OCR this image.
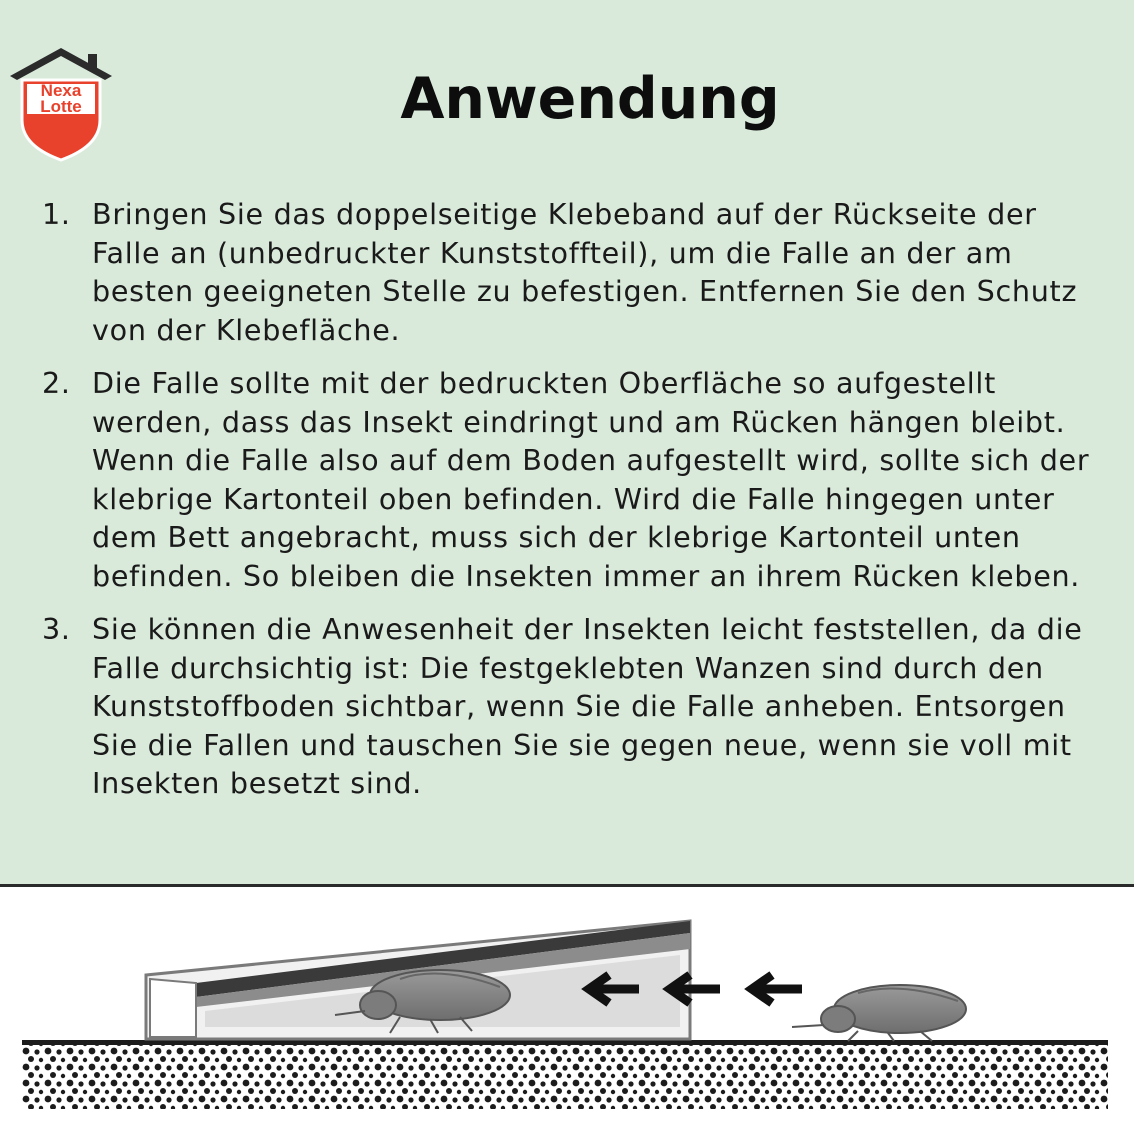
Nexa
Lotte	Anwendung
1. Bringen Sie das doppelseitige Klebeband auf der Rückseite der Falle an (unbedruckter Kunststoffteil), um die Falle an der am besten geeigneten Stelle zu befestigen. Entfernen Sie den Schutz von der Klebefläche.
2. Die Falle sollte mit der bedruckten Oberfläche so aufgestellt werden, dass das Insekt eindringt und am Rücken hängen bleibt. Wenn die Falle also auf dem Boden aufgestellt wird, sollte sich der klebrige Kartonteil oben befinden. Wird die Falle hingegen unter dem Bett angebracht, muss sich der klebrige Kartonteil unten befinden. So bleiben die Insekten immer an ihrem Rücken kleben.
3. Sie können die Anwesenheit der Insekten leicht feststellen, da die Falle durchsichtig ist: Die festgeklebten Wanzen sind durch den Kunststoffboden sichtbar, wenn Sie die Falle anheben. Entsorgen Sie die Fallen und tauschen Sie sie gegen neue, wenn sie voll mit Insekten besetzt sind.
